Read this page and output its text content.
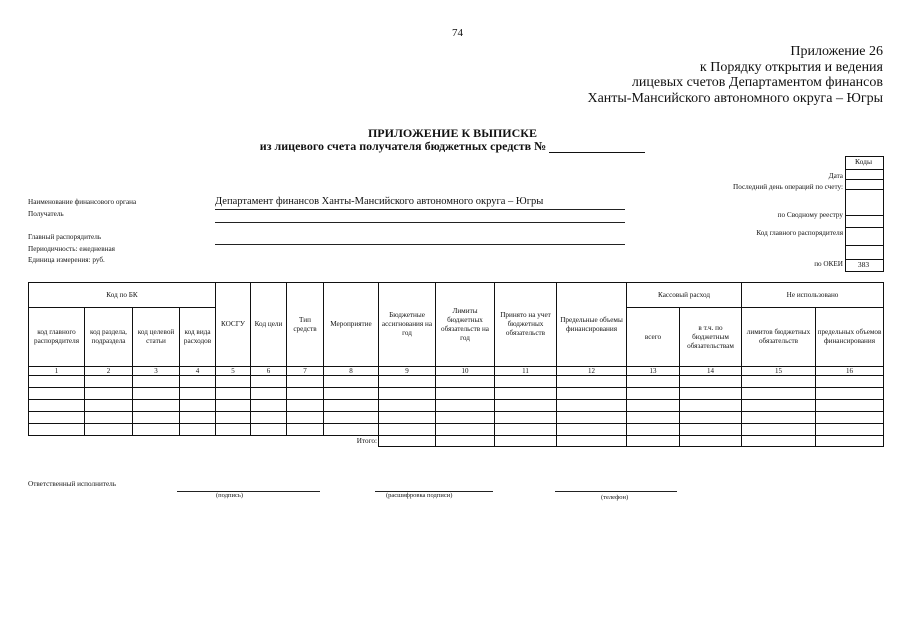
74
Приложение 26
к Порядку открытия и ведения
лицевых счетов Департаментом финансов
Ханты-Мансийского автономного округа – Югры
ПРИЛОЖЕНИЕ К ВЫПИСКЕ
из лицевого счета получателя бюджетных средств №
Коды
Дата
Последний день операций по счету:
по Сводному реестру
Код главного распорядителя
по ОКЕИ	383
Наименование финансового органа	Департамент финансов Ханты-Мансийского автономного округа – Югры
Получатель
Главный распорядитель
Периодичность: ежедневная
Единица измерения: руб.
Код по БК				КОСГУ	Код цели	Тип средств	Мероприятие	Бюджетные ассигнования на год	Лимиты бюджетных обязательств на год	Принято на учет бюджетных обязательств	Предельные объемы финансирования	Кассовый расход		Не использовано	
код главного распорядителя	код раздела, подраздела	код целевой статьи	код вида расходов									всего	в т.ч. по бюджетным обязательствам	лимитов бюджетных обязательств	предельных объемов финансирования
1	2	3	4	5	6	7	8	9	10	11	12	13	14	15	16

Итого:															
Ответственный исполнитель
(подпись)	(расшифровка подписи)	(телефон)
